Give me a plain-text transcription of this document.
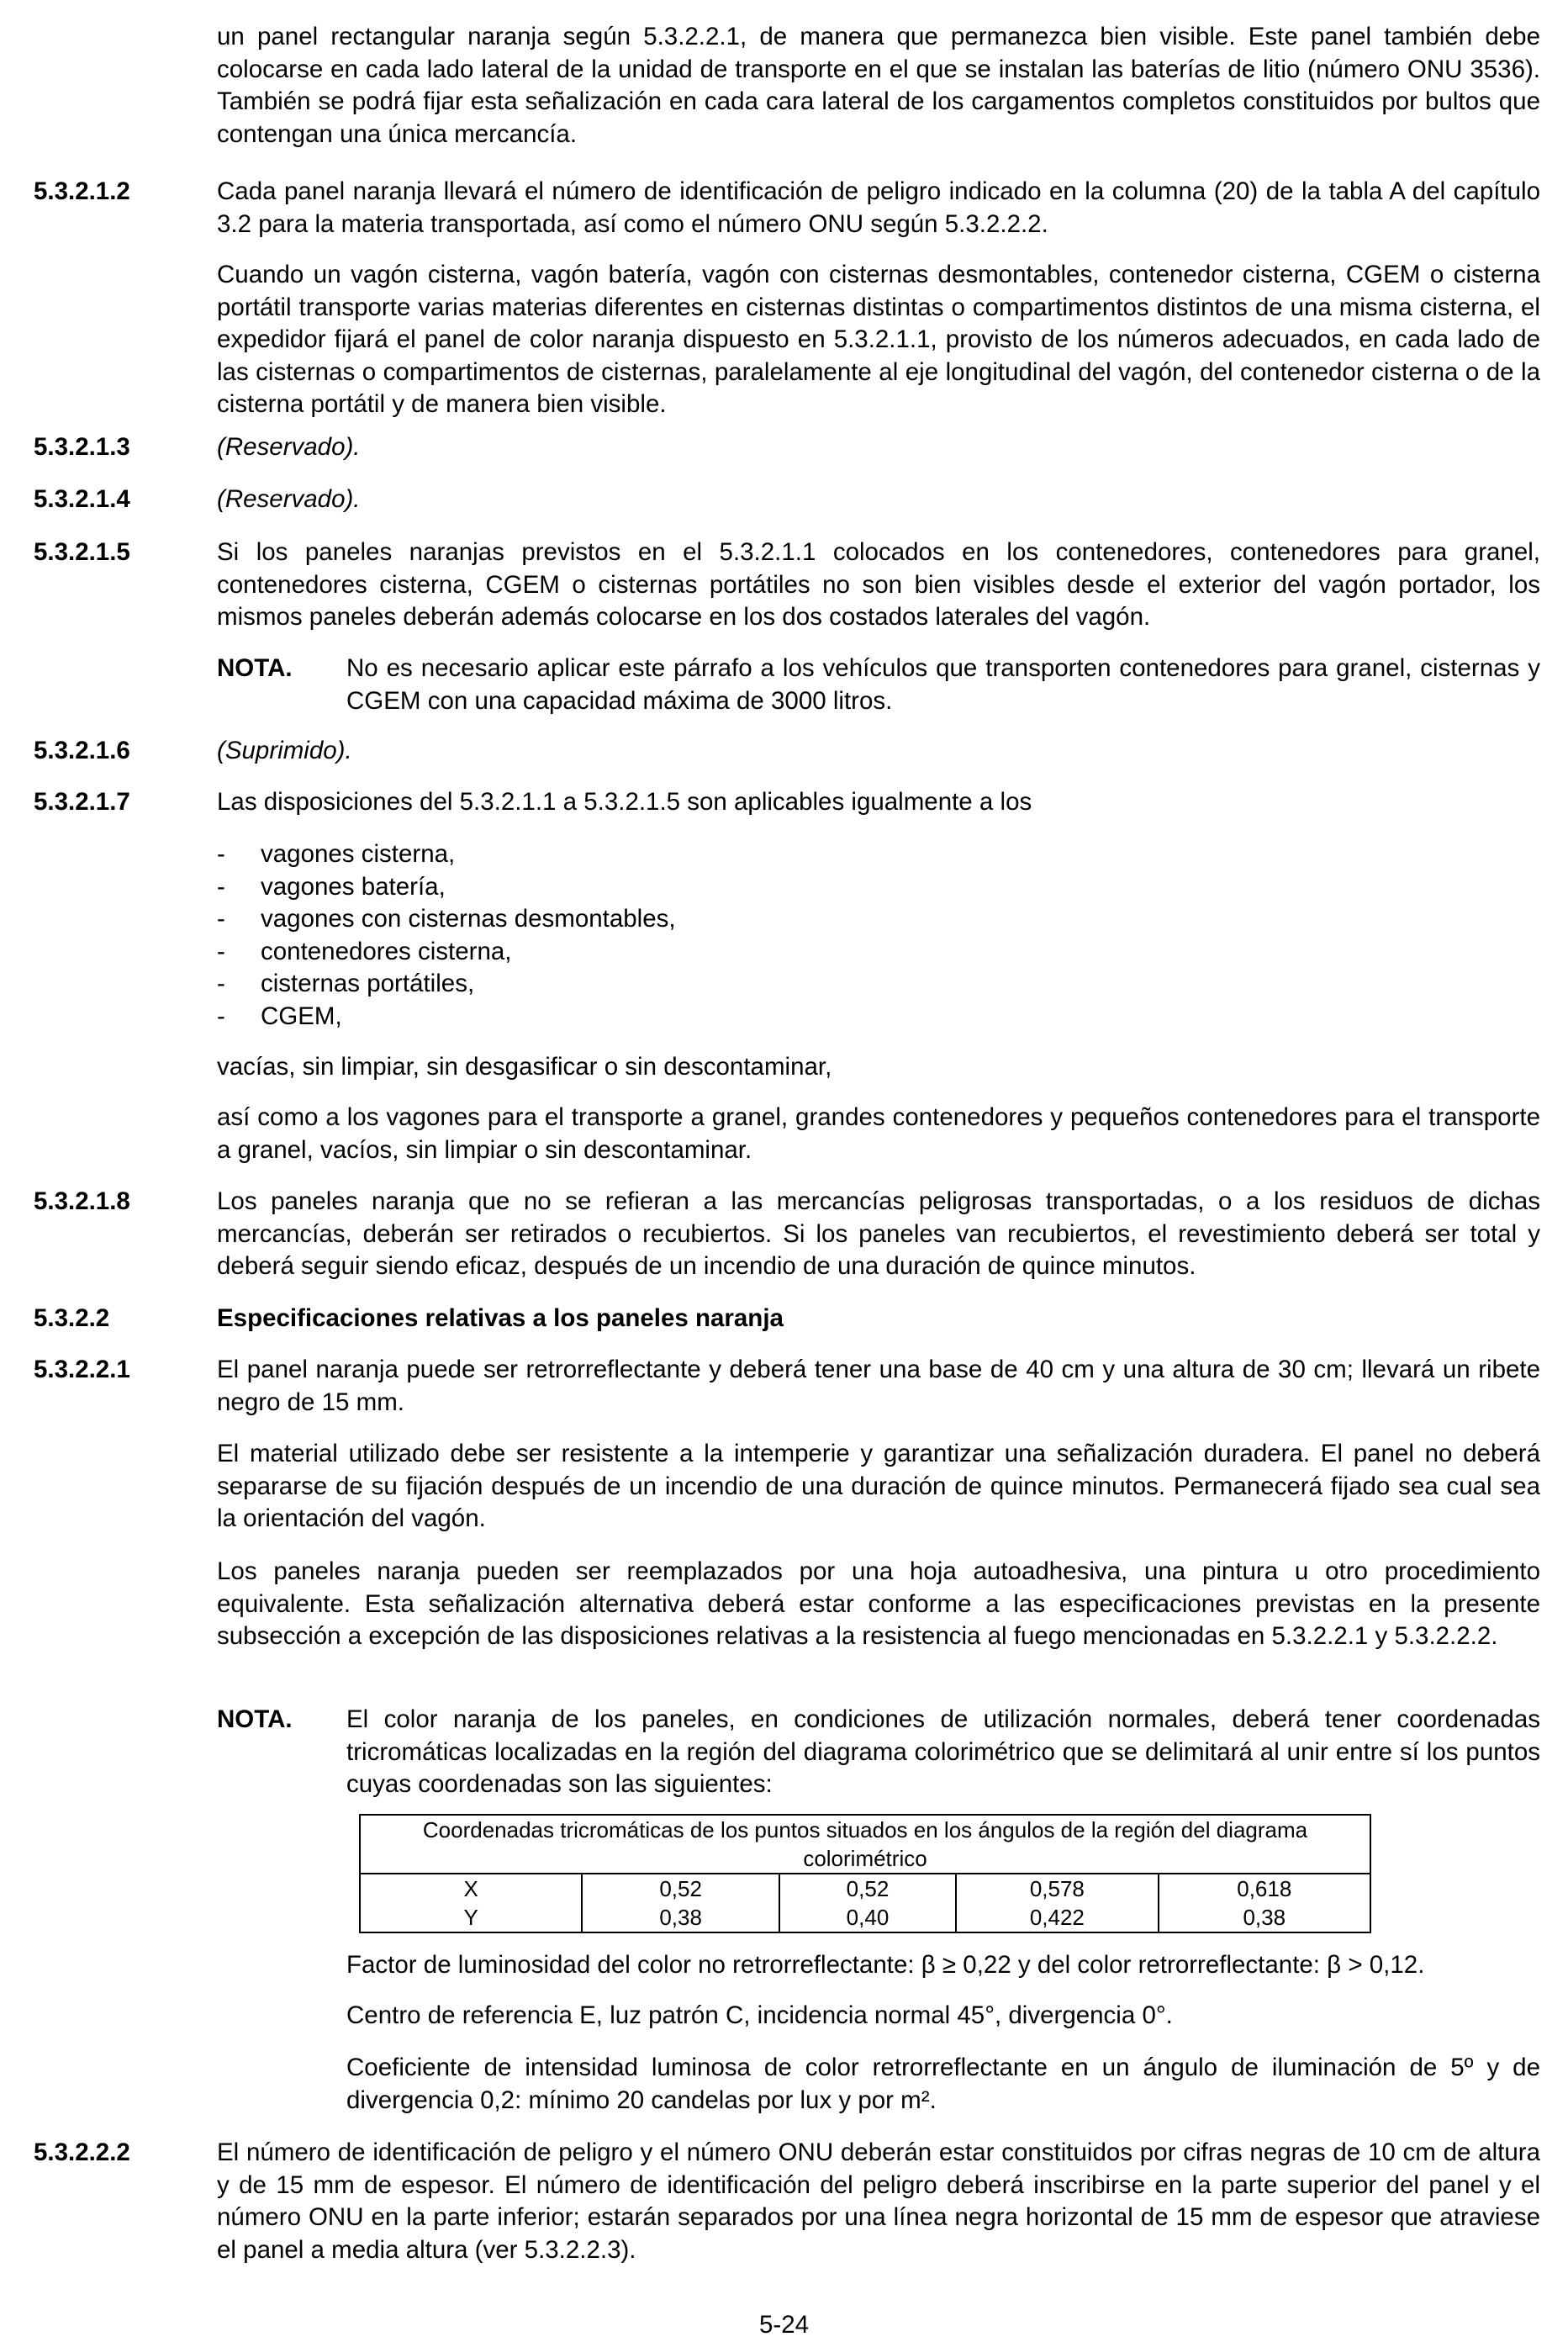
un panel rectangular naranja según 5.3.2.2.1, de manera que permanezca bien visible. Este panel también debe colocarse en cada lado lateral de la unidad de transporte en el que se instalan las baterías de litio (número ONU 3536). También se podrá fijar esta señalización en cada cara lateral de los cargamentos completos constituidos por bultos que contengan una única mercancía.

5.3.2.1.2	Cada panel naranja llevará el número de identificación de peligro indicado en la columna (20) de la tabla A del capítulo 3.2 para la materia transportada, así como el número ONU según 5.3.2.2.2.

Cuando un vagón cisterna, vagón batería, vagón con cisternas desmontables, contenedor cisterna, CGEM o cisterna portátil transporte varias materias diferentes en cisternas distintas o compartimentos distintos de una misma cisterna, el expedidor fijará el panel de color naranja dispuesto en 5.3.2.1.1, provisto de los números adecuados, en cada lado de las cisternas o compartimentos de cisternas, paralelamente al eje longitudinal del vagón, del contenedor cisterna o de la cisterna portátil y de manera bien visible.

5.3.2.1.3	(Reservado).
5.3.2.1.4	(Reservado).
5.3.2.1.5	Si los paneles naranjas previstos en el 5.3.2.1.1 colocados en los contenedores, contenedores para granel, contenedores cisterna, CGEM o cisternas portátiles no son bien visibles desde el exterior del vagón portador, los mismos paneles deberán además colocarse en los dos costados laterales del vagón.

NOTA. No es necesario aplicar este párrafo a los vehículos que transporten contenedores para granel, cisternas y CGEM con una capacidad máxima de 3000 litros.
5.3.2.1.6	(Suprimido).
5.3.2.1.7	Las disposiciones del 5.3.2.1.1 a 5.3.2.1.5 son aplicables igualmente a los
-	vagones cisterna,
-	vagones batería,
-	vagones con cisternas desmontables,
-	contenedores cisterna,
-	cisternas portátiles,
-	CGEM,
vacías, sin limpiar, sin desgasificar o sin descontaminar,

así como a los vagones para el transporte a granel, grandes contenedores y pequeños contenedores para el transporte a granel, vacíos, sin limpiar o sin descontaminar.

5.3.2.1.8	Los paneles naranja que no se refieran a las mercancías peligrosas transportadas, o a los residuos de dichas mercancías, deberán ser retirados o recubiertos. Si los paneles van recubiertos, el revestimiento deberá ser total y deberá seguir siendo eficaz, después de un incendio de una duración de quince minutos.

5.3.2.2	Especificaciones relativas a los paneles naranja
5.3.2.2.1	El panel naranja puede ser retrorreflectante y deberá tener una base de 40 cm y una altura de 30 cm; llevará un ribete negro de 15 mm.

El material utilizado debe ser resistente a la intemperie y garantizar una señalización duradera. El panel no deberá separarse de su fijación después de un incendio de una duración de quince minutos. Permanecerá fijado sea cual sea la orientación del vagón.

Los paneles naranja pueden ser reemplazados por una hoja autoadhesiva, una pintura u otro procedimiento equivalente. Esta señalización alternativa deberá estar conforme a las especificaciones previstas en la presente subsección a excepción de las disposiciones relativas a la resistencia al fuego mencionadas en 5.3.2.2.1 y 5.3.2.2.2.

NOTA. El color naranja de los paneles, en condiciones de utilización normales, deberá tener coordenadas tricromáticas localizadas en la región del diagrama colorimétrico que se delimitará al unir entre sí los puntos cuyas coordenadas son las siguientes:
Coordenadas tricromáticas de los puntos situados en los ángulos de la región del diagrama colorimétrico				
X	0,52	0,52	0,578	0,618
Y	0,38	0,40	0,422	0,38
Factor de luminosidad del color no retrorreflectante: β ≥ 0,22 y del color retrorreflectante: β > 0,12.
Centro de referencia E, luz patrón C, incidencia normal 45°, divergencia 0°.
Coeficiente de intensidad luminosa de color retrorreflectante en un ángulo de iluminación de 5º y de divergencia 0,2: mínimo 20 candelas por lux y por m².
5.3.2.2.2	El número de identificación de peligro y el número ONU deberán estar constituidos por cifras negras de 10 cm de altura y de 15 mm de espesor. El número de identificación del peligro deberá inscribirse en la parte superior del panel y el número ONU en la parte inferior; estarán separados por una línea negra horizontal de 15 mm de espesor que atraviese el panel a media altura (ver 5.3.2.2.3).

5-24
